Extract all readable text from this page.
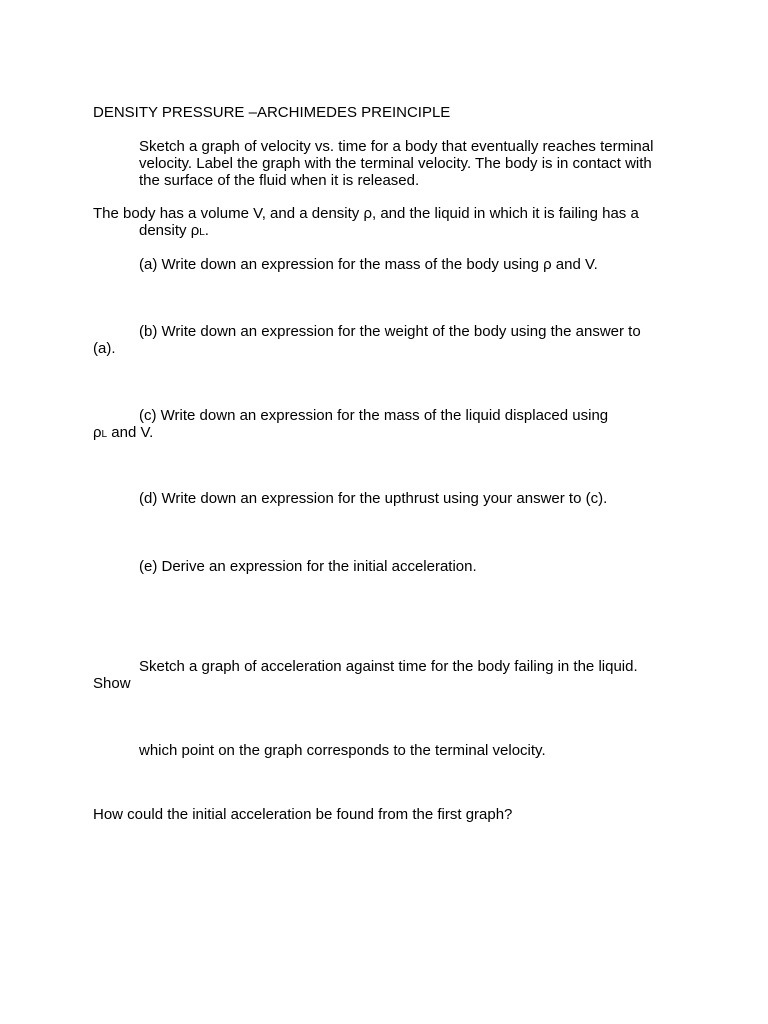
DENSITY PRESSURE –ARCHIMEDES PREINCIPLE

Sketch a graph of velocity vs. time for a body that eventually reaches terminal

velocity. Label the graph with the terminal velocity. The body is in contact with

the surface of the fluid when it is released.

The body has a volume V, and a density ρ, and the liquid in which it is failing has a

density ρL.

(a) Write down an expression for the mass of the body using ρ and V.

(b) Write down an expression for the weight of the body using the answer to

(a).

(c) Write down an expression for the mass of the liquid displaced using

ρL and V.

(d) Write down an expression for the upthrust using your answer to (c).

(e) Derive an expression for the initial acceleration.

Sketch a graph of acceleration against time for the body failing in the liquid.

Show

which point on the graph corresponds to the terminal velocity.

How could the initial acceleration be found from the first graph?
